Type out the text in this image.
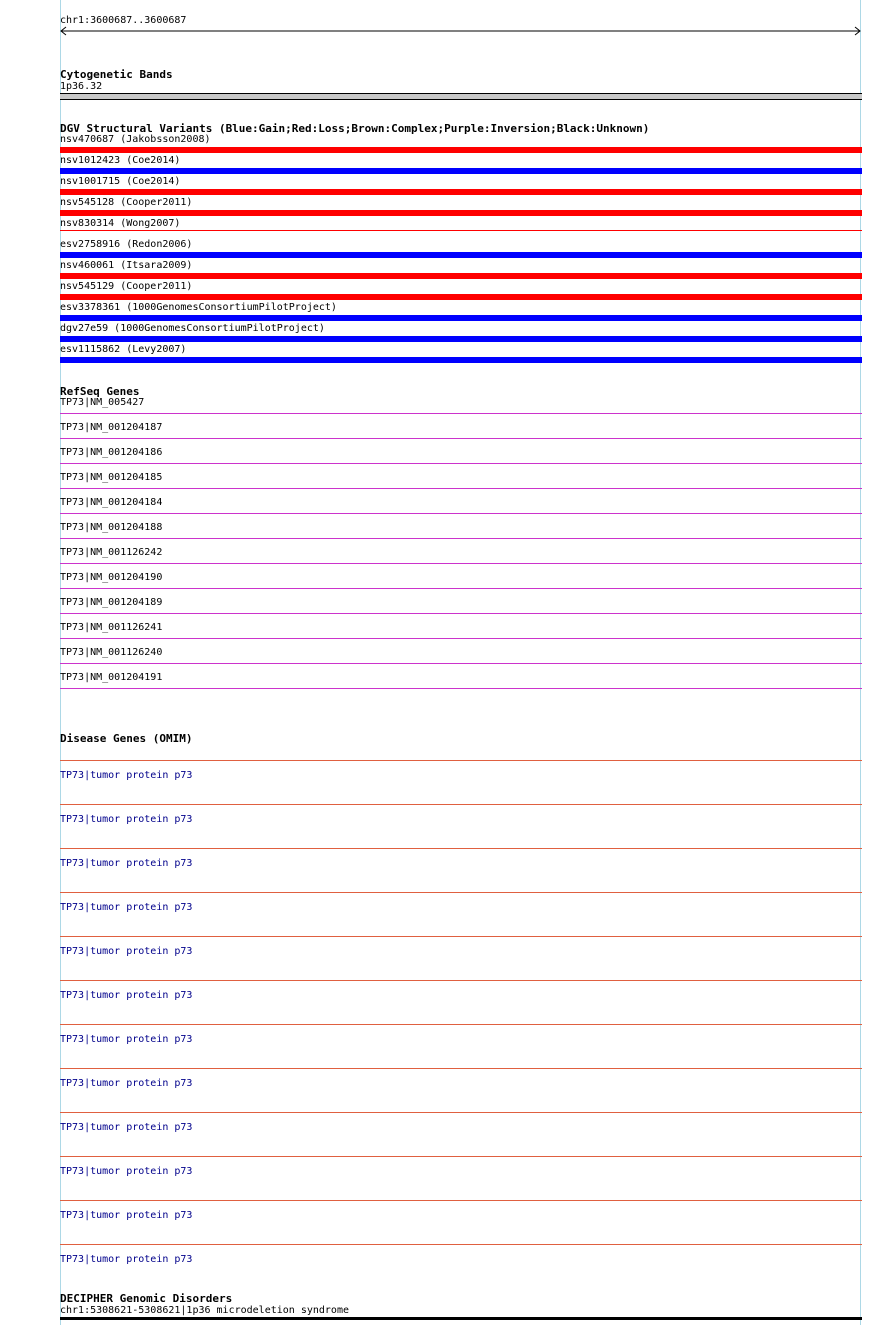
chr1:3600687..3600687
Cytogenetic Bands
1p36.32
DGV Structural Variants (Blue:Gain;Red:Loss;Brown:Complex;Purple:Inversion;Black:Unknown)
nsv470687 (Jakobsson2008)
nsv1012423 (Coe2014)
nsv1001715 (Coe2014)
nsv545128 (Cooper2011)
nsv830314 (Wong2007)
esv2758916 (Redon2006)
nsv460061 (Itsara2009)
nsv545129 (Cooper2011)
esv3378361 (1000GenomesConsortiumPilotProject)
dgv27e59 (1000GenomesConsortiumPilotProject)
esv1115862 (Levy2007)
RefSeq Genes
TP73|NM_005427
TP73|NM_001204187
TP73|NM_001204186
TP73|NM_001204185
TP73|NM_001204184
TP73|NM_001204188
TP73|NM_001126242
TP73|NM_001204190
TP73|NM_001204189
TP73|NM_001126241
TP73|NM_001126240
TP73|NM_001204191
Disease Genes (OMIM)
TP73|tumor protein p73
TP73|tumor protein p73
TP73|tumor protein p73
TP73|tumor protein p73
TP73|tumor protein p73
TP73|tumor protein p73
TP73|tumor protein p73
TP73|tumor protein p73
TP73|tumor protein p73
TP73|tumor protein p73
TP73|tumor protein p73
TP73|tumor protein p73
DECIPHER Genomic Disorders
chr1:5308621-5308621|1p36 microdeletion syndrome
